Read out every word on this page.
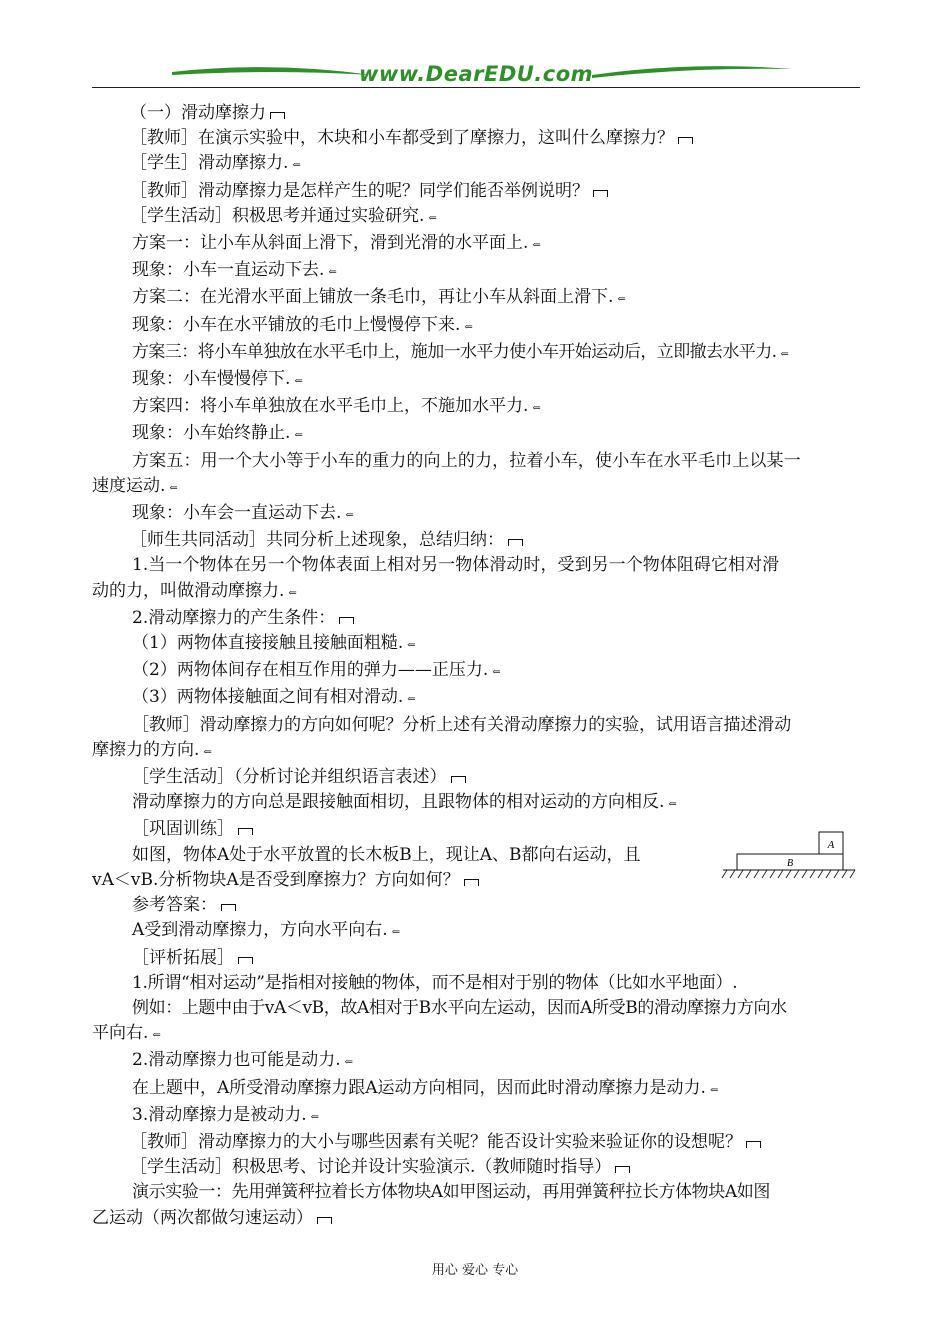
www.DearEDU.com

（一）滑动摩擦力

［教师］在演示实验中，木块和小车都受到了摩擦力，这叫什么摩擦力？

［学生］滑动摩擦力. ⇐

［教师］滑动摩擦力是怎样产生的呢？同学们能否举例说明？

［学生活动］积极思考并通过实验研究. ⇐

方案一：让小车从斜面上滑下，滑到光滑的水平面上. ⇐

现象：小车一直运动下去. ⇐

方案二：在光滑水平面上铺放一条毛巾，再让小车从斜面上滑下. ⇐

现象：小车在水平铺放的毛巾上慢慢停下来. ⇐

方案三：将小车单独放在水平毛巾上，施加一水平力使小车开始运动后，立即撤去水平力. ⇐

现象：小车慢慢停下. ⇐

方案四：将小车单独放在水平毛巾上，不施加水平力. ⇐

现象：小车始终静止. ⇐

方案五：用一个大小等于小车的重力的向上的力，拉着小车，使小车在水平毛巾上以某一

速度运动. ⇐

现象：小车会一直运动下去. ⇐

［师生共同活动］共同分析上述现象，总结归纳：

1.当一个物体在另一个物体表面上相对另一物体滑动时，受到另一个物体阻碍它相对滑

动的力，叫做滑动摩擦力. ⇐

2.滑动摩擦力的产生条件：

（1）两物体直接接触且接触面粗糙. ⇐

（2）两物体间存在相互作用的弹力——正压力. ⇐

（3）两物体接触面之间有相对滑动. ⇐

［教师］滑动摩擦力的方向如何呢？分析上述有关滑动摩擦力的实验，试用语言描述滑动

摩擦力的方向. ⇐

［学生活动］（分析讨论并组织语言表述）

滑动摩擦力的方向总是跟接触面相切，且跟物体的相对运动的方向相反. ⇐

［巩固训练］

如图，物体A处于水平放置的长木板B上，现让A、B都向右运动，且

vA＜vB.分析物块A是否受到摩擦力？方向如何？

参考答案：

A受到滑动摩擦力，方向水平向右. ⇐

［评析拓展］

1.所谓“相对运动”是指相对接触的物体，而不是相对于别的物体（比如水平地面）.

例如：上题中由于vA＜vB，故A相对于B水平向左运动，因而A所受B的滑动摩擦力方向水

平向右. ⇐

2.滑动摩擦力也可能是动力. ⇐

在上题中，A所受滑动摩擦力跟A运动方向相同，因而此时滑动摩擦力是动力. ⇐

3.滑动摩擦力是被动力. ⇐

［教师］滑动摩擦力的大小与哪些因素有关呢？能否设计实验来验证你的设想呢？

［学生活动］积极思考、讨论并设计实验演示.（教师随时指导）

演示实验一：先用弹簧秤拉着长方体物块A如甲图运动，再用弹簧秤拉长方体物块A如图

乙运动（两次都做匀速运动）

A
B
用心 爱心 专心
